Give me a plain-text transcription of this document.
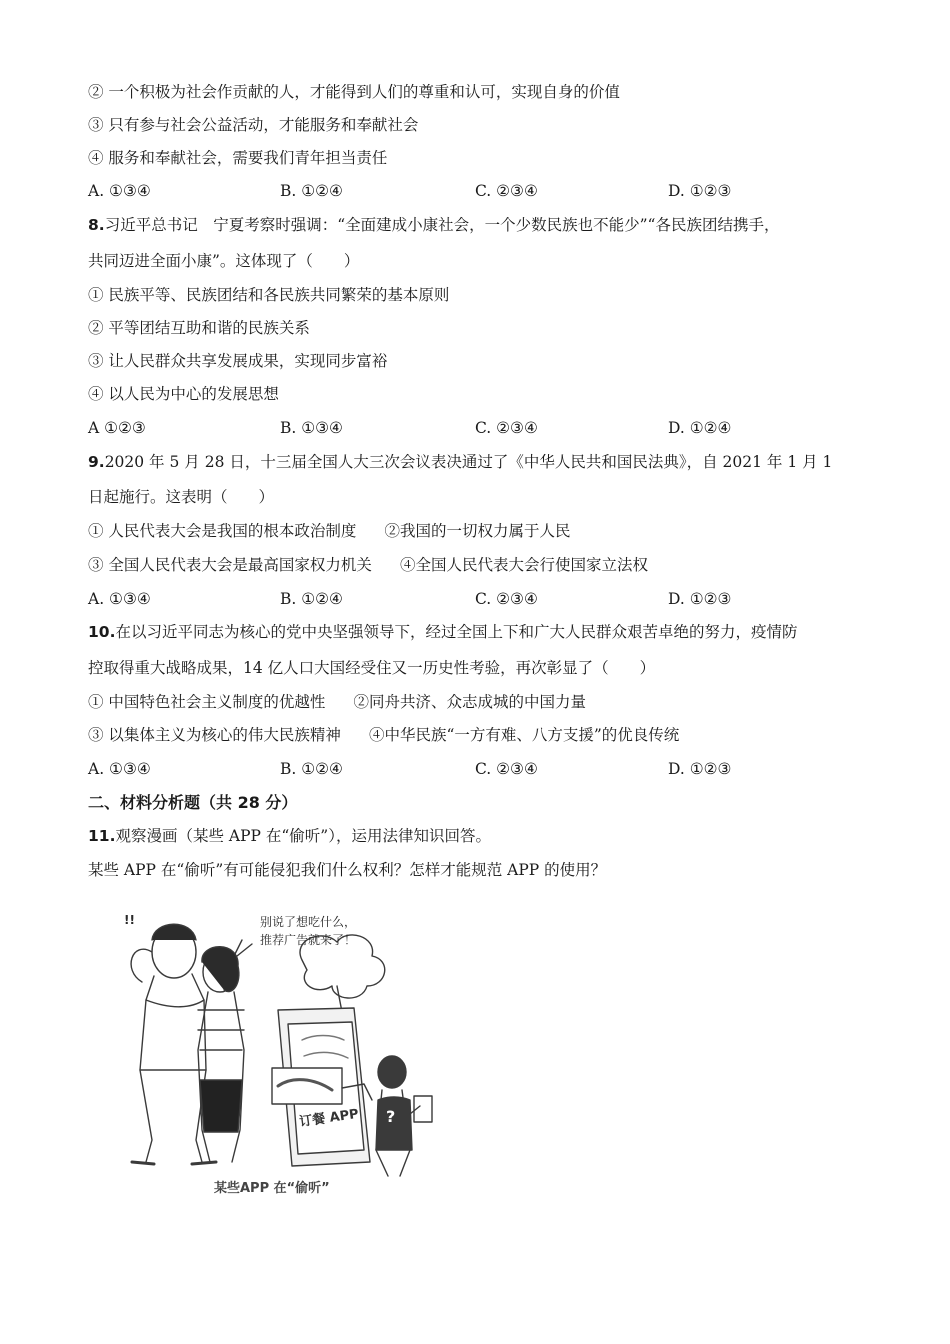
② 一个积极为社会作贡献的人，才能得到人们的尊重和认可，实现自身的价值
③ 只有参与社会公益活动，才能服务和奉献社会
④ 服务和奉献社会，需要我们青年担当责任
A. ①③④	B. ①②④	C. ②③④	D. ①②③
8.习近平总书记　宁夏考察时强调：“全面建成小康社会，一个少数民族也不能少”“各民族团结携手，
共同迈进全面小康”。这体现了（　　）
① 民族平等、民族团结和各民族共同繁荣的基本原则
② 平等团结互助和谐的民族关系
③ 让人民群众共享发展成果，实现同步富裕
④ 以人民为中心的发展思想
A ①②③	B. ①③④	C. ②③④	D. ①②④
9.2020 年 5 月 28 日，十三届全国人大三次会议表决通过了《中华人民共和国民法典》，自 2021 年 1 月 1
日起施行。这表明（　　）
① 人民代表大会是我国的根本政治制度 ②我国的一切权力属于人民
③ 全国人民代表大会是最高国家权力机关 ④全国人民代表大会行使国家立法权
A. ①③④	B. ①②④	C. ②③④	D. ①②③
10.在以习近平同志为核心的党中央坚强领导下，经过全国上下和广大人民群众艰苦卓绝的努力，疫情防
控取得重大战略成果，14 亿人口大国经受住又一历史性考验，再次彰显了（　　）
① 中国特色社会主义制度的优越性 ②同舟共济、众志成城的中国力量
③ 以集体主义为核心的伟大民族精神 ④中华民族“一方有难、八方支援”的优良传统
A. ①③④	B. ①②④	C. ②③④	D. ①②③
二、材料分析题（共 28 分）
11.观察漫画（某些 APP 在“偷听”），运用法律知识回答。
某些 APP 在“偷听”有可能侵犯我们什么权利？怎样才能规范 APP 的使用？
别说了想吃什么，
推荐广告就来了！
!!
订餐 APP ?
某些APP 在“偷听”
